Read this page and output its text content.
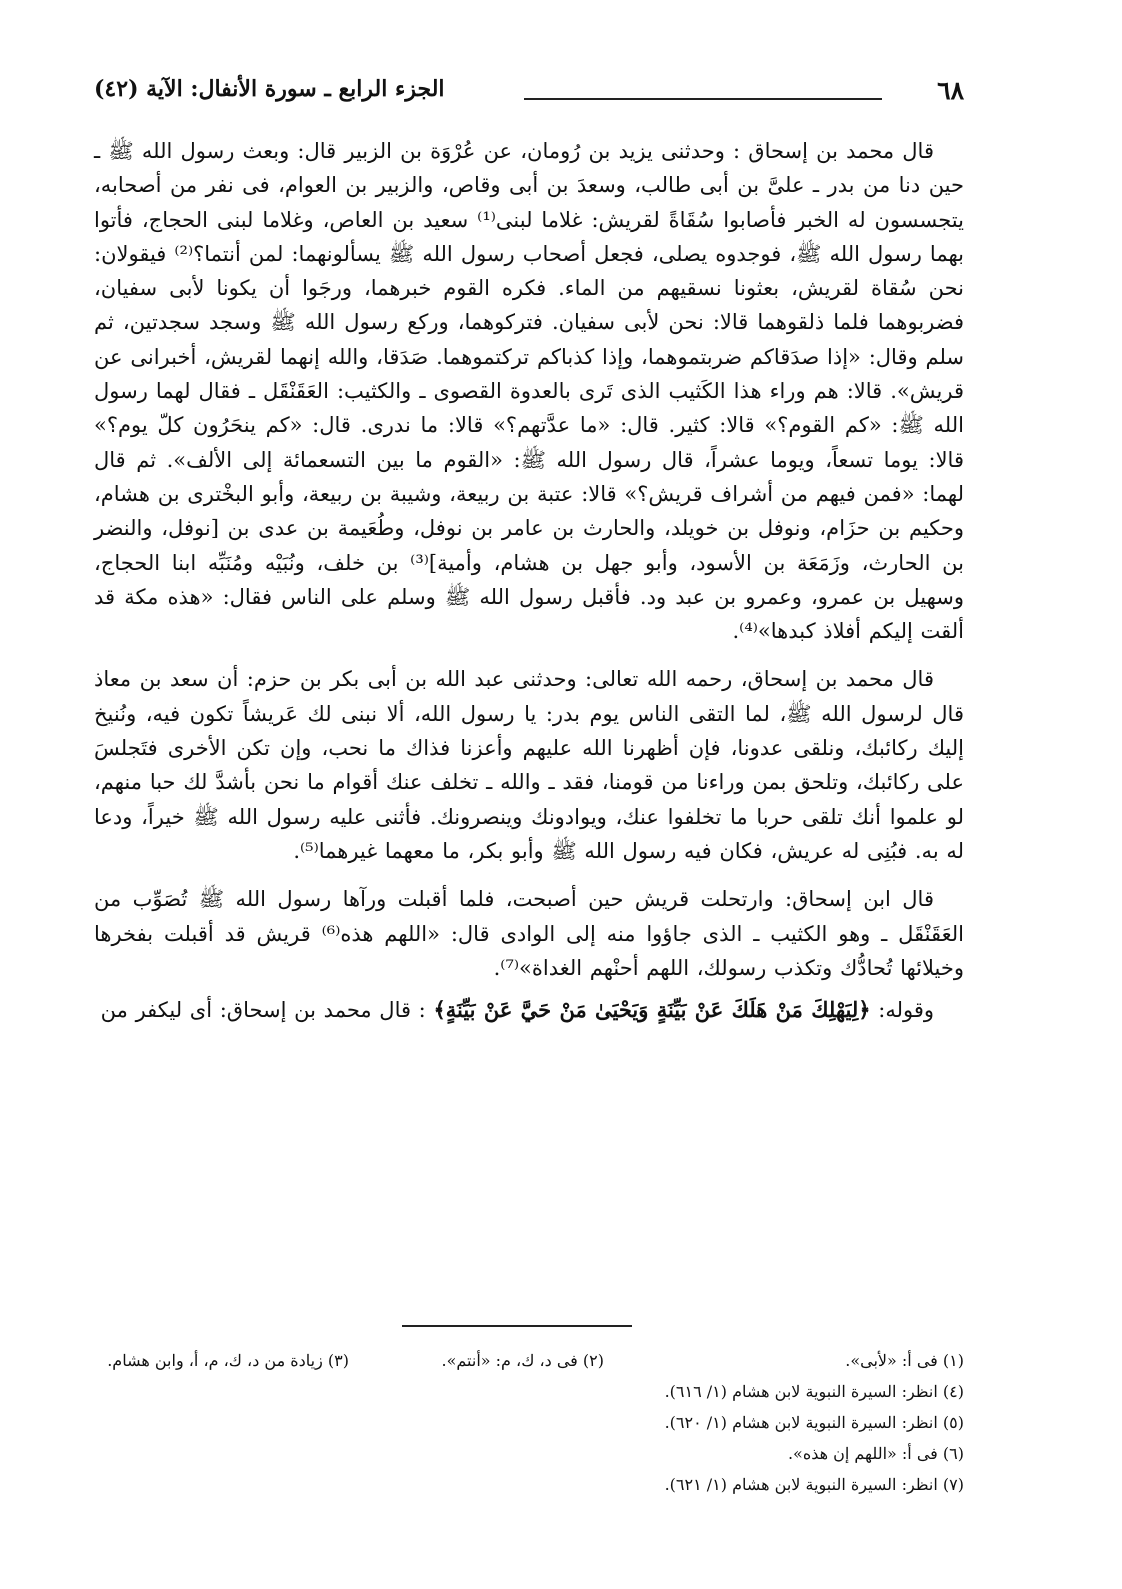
٦٨
الجزء الرابع ـ سورة الأنفال: الآية (٤٢)

قال محمد بن إسحاق : وحدثنى يزيد بن رُومان، عن عُرْوَة بن الزبير قال: وبعث رسول الله ﷺ ـ حين دنا من بدر ـ علىَّ بن أبى طالب، وسعدَ بن أبى وقاص، والزبير بن العوام، فى نفر من أصحابه، يتجسسون له الخبر فأصابوا سُقَاةً لقريش: غلاما لبنى⁽¹⁾ سعيد بن العاص، وغلاما لبنى الحجاج، فأتوا بهما رسول الله ﷺ، فوجدوه يصلى، فجعل أصحاب رسول الله ﷺ يسألونهما: لمن أنتما؟⁽²⁾ فيقولان: نحن سُقاة لقريش، بعثونا نسقيهم من الماء. فكره القوم خبرهما، ورجَوا أن يكونا لأبى سفيان، فضربوهما فلما ذلقوهما قالا: نحن لأبى سفيان. فتركوهما، وركع رسول الله ﷺ وسجد سجدتين، ثم سلم وقال: «إذا صدَقاكم ضربتموهما، وإذا كذباكم تركتموهما. صَدَقا، والله إنهما لقريش، أخبرانى عن قريش». قالا: هم وراء هذا الكَثيب الذى تَرى بالعدوة القصوى ـ والكثيب: العَقَنْقَل ـ فقال لهما رسول الله ﷺ: «كم القوم؟» قالا: كثير. قال: «ما عدَّتهم؟» قالا: ما ندرى. قال: «كم ينحَرُون كلّ يوم؟» قالا: يوما تسعاً، ويوما عشراً، قال رسول الله ﷺ: «القوم ما بين التسعمائة إلى الألف». ثم قال لهما: «فمن فيهم من أشراف قريش؟» قالا: عتبة بن ربيعة، وشيبة بن ربيعة، وأبو البخْترى بن هشام، وحكيم بن حزَام، ونوفل بن خويلد، والحارث بن عامر بن نوفل، وطُعَيمة بن عدى بن [نوفل، والنضر بن الحارث، وزَمَعَة بن الأسود، وأبو جهل بن هشام، وأمية]⁽³⁾ بن خلف، ونُبَيْه ومُنَبِّه ابنا الحجاج، وسهيل بن عمرو، وعمرو بن عبد ود. فأقبل رسول الله ﷺ وسلم على الناس فقال: «هذه مكة قد ألقت إليكم أفلاذ كبدها»⁽⁴⁾.

قال محمد بن إسحاق، رحمه الله تعالى: وحدثنى عبد الله بن أبى بكر بن حزم: أن سعد بن معاذ قال لرسول الله ﷺ، لما التقى الناس يوم بدر: يا رسول الله، ألا نبنى لك عَريشاً تكون فيه، ونُنيخ إليك ركائبك، ونلقى عدونا، فإن أظهرنا الله عليهم وأعزنا فذاك ما نحب، وإن تكن الأخرى فتَجلسَ على ركائبك، وتلحق بمن وراءنا من قومنا، فقد ـ والله ـ تخلف عنك أقوام ما نحن بأشدَّ لك حبا منهم، لو علموا أنك تلقى حربا ما تخلفوا عنك، ويوادونك وينصرونك. فأثنى عليه رسول الله ﷺ خيراً، ودعا له به. فبُنِى له عريش، فكان فيه رسول الله ﷺ وأبو بكر، ما معهما غيرهما⁽⁵⁾.

قال ابن إسحاق: وارتحلت قريش حين أصبحت، فلما أقبلت ورآها رسول الله ﷺ تُصَوِّب من العَقَنْقَل ـ وهو الكثيب ـ الذى جاؤوا منه إلى الوادى قال: «اللهم هذه⁽⁶⁾ قريش قد أقبلت بفخرها وخيلائها تُحادُّك وتكذب رسولك، اللهم أحنْهم الغداة»⁽⁷⁾.

وقوله: ﴿لِيَهْلِكَ مَنْ هَلَكَ عَنْ بَيِّنَةٍ وَيَحْيَىٰ مَنْ حَيَّ عَنْ بَيِّنَةٍ﴾ : قال محمد بن إسحاق: أى ليكفر من

(١) فى أ: «لأبى».
(٢) فى د، ك، م: «أنتم».
(٣) زيادة من د، ك، م، أ، وابن هشام.
(٤) انظر: السيرة النبوية لابن هشام (١/ ٦١٦).
(٥) انظر: السيرة النبوية لابن هشام (١/ ٦٢٠).
(٦) فى أ: «اللهم إن هذه».
(٧) انظر: السيرة النبوية لابن هشام (١/ ٦٢١).
